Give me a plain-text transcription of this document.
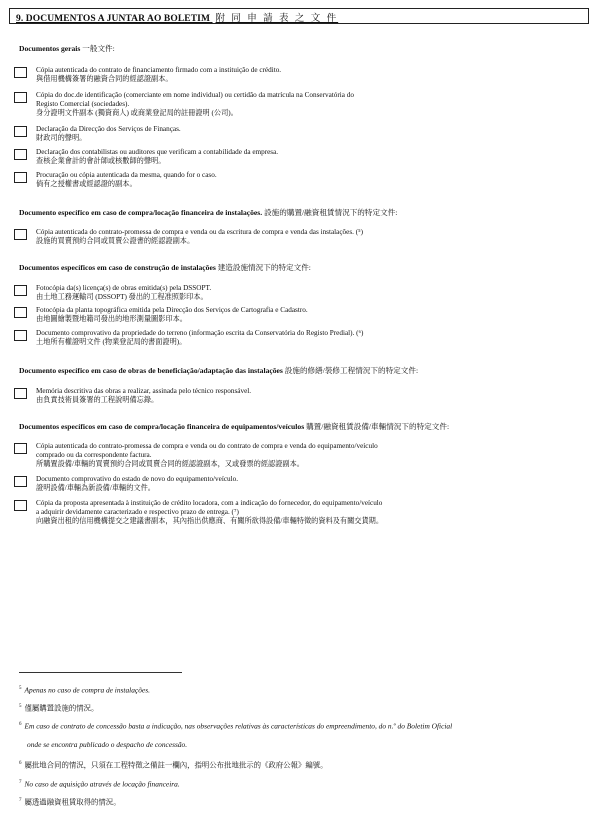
9. DOCUMENTOS A JUNTAR AO BOLETIM 附 同 申 請 表 之 文 件

Documentos gerais 一般文件:

Cópia autenticada do contrato de financiamento firmado com a instituição de crédito.
與借用機構簽署的融資合同的經認證副本。
Cópia do doc.de identificação (comerciante em nome individual) ou certidão da matrícula na Conservatória do
Registo Comercial (sociedades).
身分證明文件副本 (獨資商人) 或商業登記局的註冊證明 (公司)。
Declaração da Direcção dos Serviços de Finanças.
財政司的聲明。
Declaração dos contabilistas ou auditores que verificam a contabilidade da empresa.
查核企業會計的會計師或核數師的聲明。
Procuração ou cópia autenticada da mesma, quando for o caso.
倘有之授權書或經認證的副本。

Documento específico em caso de compra/locação financeira de instalações. 設施的購置/融資租賃情況下的特定文件:

Cópia autenticada do contrato-promessa de compra e venda ou da escritura de compra e venda das instalações. (⁵)
設施的買賣預約合同或買賣公證書的經認證副本。

Documentos específicos em caso de construção de instalações 建造設施情況下的特定文件:

Fotocópia da(s) licença(s) de obras emitida(s) pela DSSOPT.
由土地工務運輸司 (DSSOPT) 發出的工程准照影印本。
Fotocópia da planta topográfica emitida pela Direcção dos Serviços de Cartografia e Cadastro.
由地圖繪製暨地籍司發出的地形測量圖影印本。
Documento comprovativo da propriedade do terreno (informação escrita da Conservatória do Registo Predial). (⁶)
土地所有權證明文件 (物業登記局的書面證明)。

Documento específico em caso de obras de beneficiação/adaptação das instalações 設施的修繕/裝修工程情況下的特定文件:

Memória descritiva das obras a realizar, assinada pelo técnico responsável.
由負責技術員簽署的工程說明備忘錄。

Documentos específicos em caso de compra/locação financeira de equipamentos/veículos 購置/融資租賃設備/車輛情況下的特定文件:

Cópia autenticada do contrato-promessa de compra e venda ou do contrato de compra e venda do equipamento/veículo
comprado ou da correspondente factura.
所購置設備/車輛的買賣預約合同或買賣合同的經認證副本，又或發票的經認證副本。
Documento comprovativo do estado de novo do equipamento/veículo.
證明設備/車輛為新設備/車輛的文件。
Cópia da proposta apresentada à instituição de crédito locadora, com a indicação do fornecedor, do equipamento/veículo
a adquirir devidamente caracterizado e respectivo prazo de entrega. (⁷)
向融資出租的信用機構提交之建議書副本，其內指出供應商、有關所欲得設備/車輛特徵的資料及有關交貨期。
$^5$ Apenas no caso de compra de instalações.
$^5$ 僅屬購置設施的情況。
$^6$ Em caso de contrato de concessão basta a indicação, nas observações relativas às características do empreendimento, do n.º do Boletim Oficial
onde se encontra publicado o despacho de concessão.
$^6$ 屬批地合同的情況，只須在工程特徵之備註一欄內，指明公布批地批示的《政府公報》編號。
$^7$ No caso de aquisição através de locação financeira.
$^7$ 屬透過融資租賃取得的情況。
